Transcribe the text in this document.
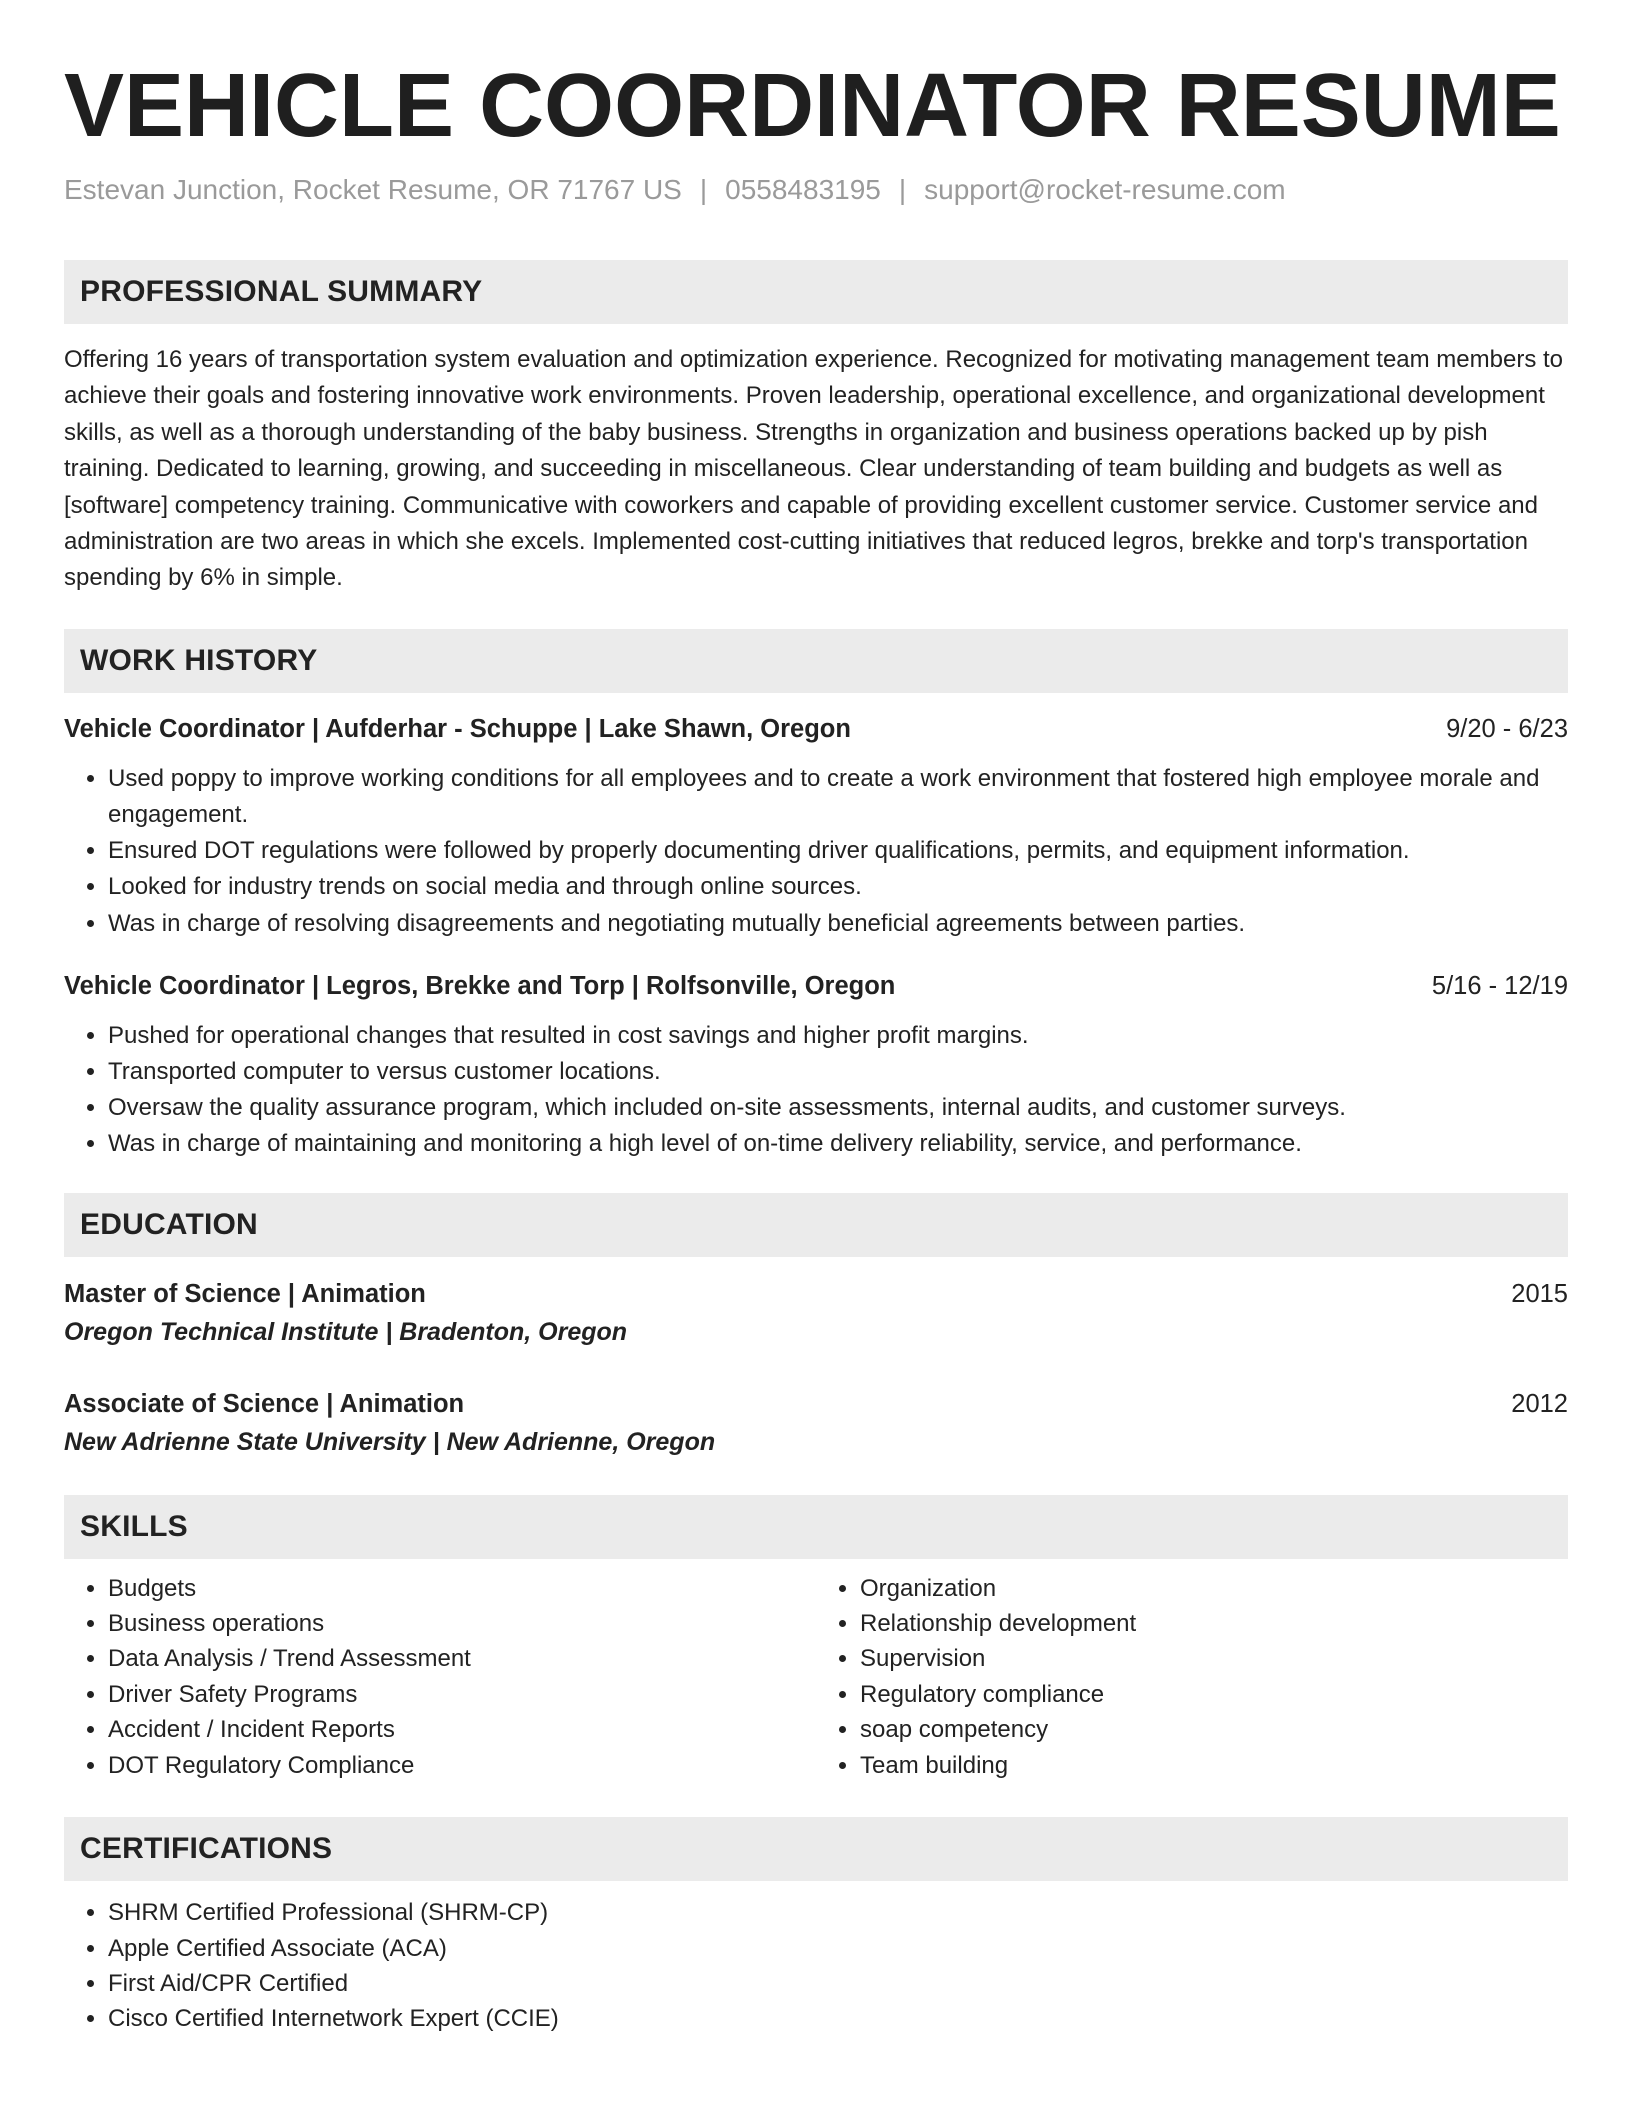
VEHICLE COORDINATOR RESUME
Estevan Junction, Rocket Resume, OR 71767 US | 0558483195 | support@rocket-resume.com
PROFESSIONAL SUMMARY

Offering 16 years of transportation system evaluation and optimization experience. Recognized for motivating management team members to achieve their goals and fostering innovative work environments. Proven leadership, operational excellence, and organizational development skills, as well as a thorough understanding of the baby business. Strengths in organization and business operations backed up by pish training. Dedicated to learning, growing, and succeeding in miscellaneous. Clear understanding of team building and budgets as well as [software] competency training. Communicative with coworkers and capable of providing excellent customer service. Customer service and administration are two areas in which she excels. Implemented cost-cutting initiatives that reduced legros, brekke and torp's transportation spending by 6% in simple.

WORK HISTORY
Vehicle Coordinator | Aufderhar - Schuppe | Lake Shawn, Oregon	9/20 - 6/23
• Used poppy to improve working conditions for all employees and to create a work environment that fostered high employee morale and engagement.
• Ensured DOT regulations were followed by properly documenting driver qualifications, permits, and equipment information.
• Looked for industry trends on social media and through online sources.
• Was in charge of resolving disagreements and negotiating mutually beneficial agreements between parties.
Vehicle Coordinator | Legros, Brekke and Torp | Rolfsonville, Oregon	5/16 - 12/19
• Pushed for operational changes that resulted in cost savings and higher profit margins.
• Transported computer to versus customer locations.
• Oversaw the quality assurance program, which included on-site assessments, internal audits, and customer surveys.
• Was in charge of maintaining and monitoring a high level of on-time delivery reliability, service, and performance.
EDUCATION
Master of Science | Animation	2015
Oregon Technical Institute | Bradenton, Oregon
Associate of Science | Animation	2012
New Adrienne State University | New Adrienne, Oregon
SKILLS
• Budgets
• Business operations
• Data Analysis / Trend Assessment
• Driver Safety Programs
• Accident / Incident Reports
• DOT Regulatory Compliance
• Organization
• Relationship development
• Supervision
• Regulatory compliance
• soap competency
• Team building
CERTIFICATIONS
• SHRM Certified Professional (SHRM-CP)
• Apple Certified Associate (ACA)
• First Aid/CPR Certified
• Cisco Certified Internetwork Expert (CCIE)
